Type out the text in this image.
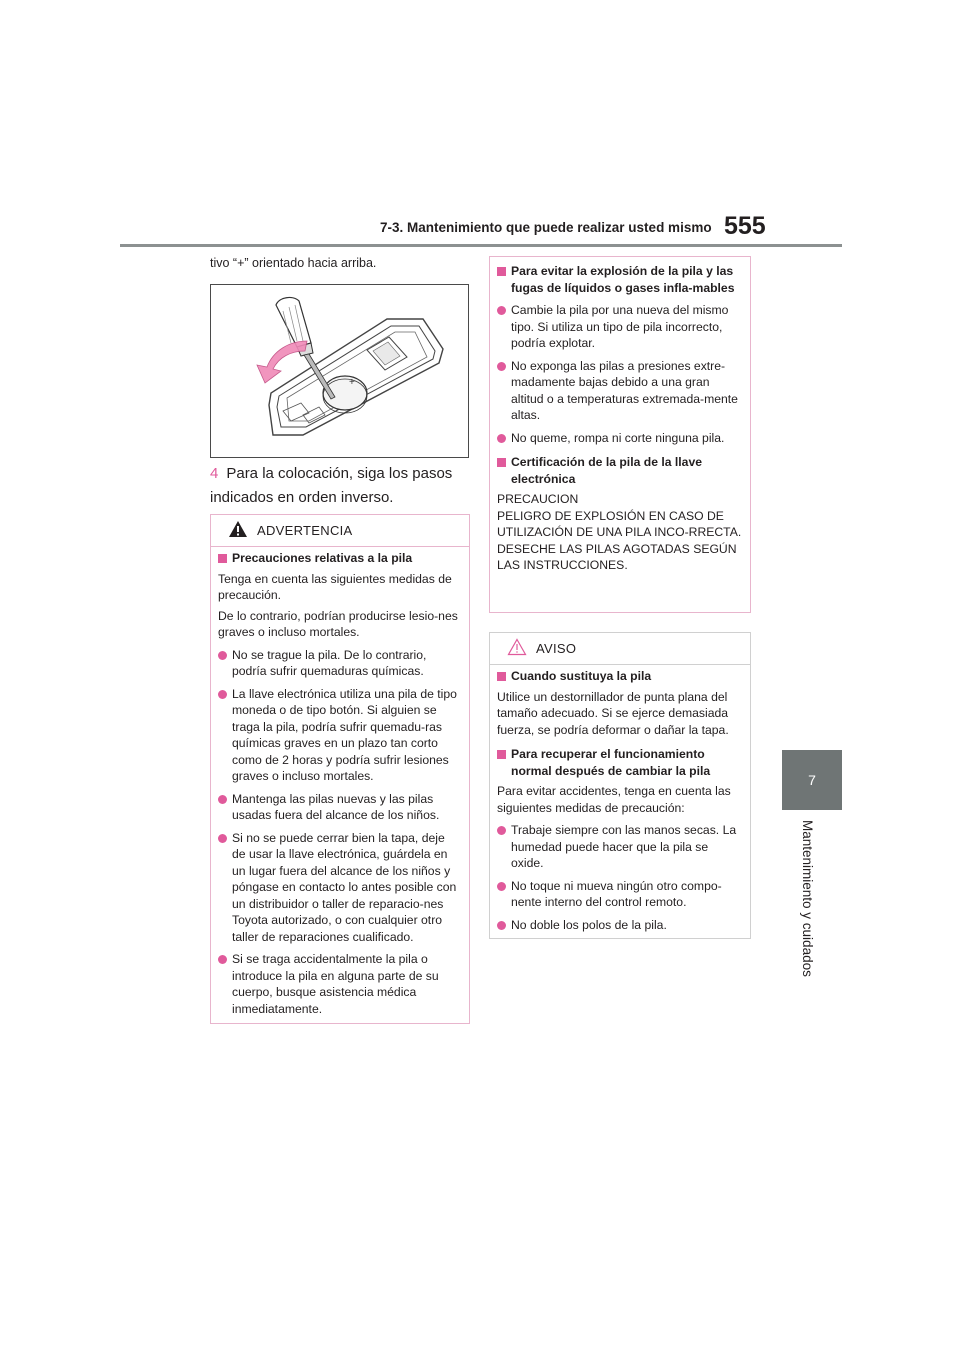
7-3. Mantenimiento que puede realizar usted mismo 555
7
Mantenimiento y cuidados
tivo “+” orientado hacia arriba.
+
4 Para la colocación, siga los pasos indicados en orden inverso.
ADVERTENCIA
Precauciones relativas a la pila
Tenga en cuenta las siguientes medidas de precaución.
De lo contrario, podrían producirse lesio-nes graves o incluso mortales.
No se trague la pila. De lo contrario, podría sufrir quemaduras químicas.
La llave electrónica utiliza una pila de tipo moneda o de tipo botón. Si alguien se traga la pila, podría sufrir quemadu-ras químicas graves en un plazo tan corto como de 2 horas y podría sufrir lesiones graves o incluso mortales.
Mantenga las pilas nuevas y las pilas usadas fuera del alcance de los niños.
Si no se puede cerrar bien la tapa, deje de usar la llave electrónica, guárdela en un lugar fuera del alcance de los niños y póngase en contacto lo antes posible con un distribuidor o taller de reparacio-nes Toyota autorizado, o con cualquier otro taller de reparaciones cualificado.
Si se traga accidentalmente la pila o introduce la pila en alguna parte de su cuerpo, busque asistencia médica inmediatamente.
Para evitar la explosión de la pila y las fugas de líquidos o gases infla-mables
Cambie la pila por una nueva del mismo tipo. Si utiliza un tipo de pila incorrecto, podría explotar.
No exponga las pilas a presiones extre-madamente bajas debido a una gran altitud o a temperaturas extremada-mente altas.
No queme, rompa ni corte ninguna pila.
Certificación de la pila de la llave electrónica
PRECAUCION
PELIGRO DE EXPLOSIÓN EN CASO DE UTILIZACIÓN DE UNA PILA INCO-RRECTA.
DESECHE LAS PILAS AGOTADAS SEGÚN LAS INSTRUCCIONES.
AVISO
Cuando sustituya la pila
Utilice un destornillador de punta plana del tamaño adecuado. Si se ejerce demasiada fuerza, se podría deformar o dañar la tapa.
Para recuperar el funcionamiento normal después de cambiar la pila
Para evitar accidentes, tenga en cuenta las siguientes medidas de precaución:
Trabaje siempre con las manos secas. La humedad puede hacer que la pila se oxide.
No toque ni mueva ningún otro compo-nente interno del control remoto.
No doble los polos de la pila.
